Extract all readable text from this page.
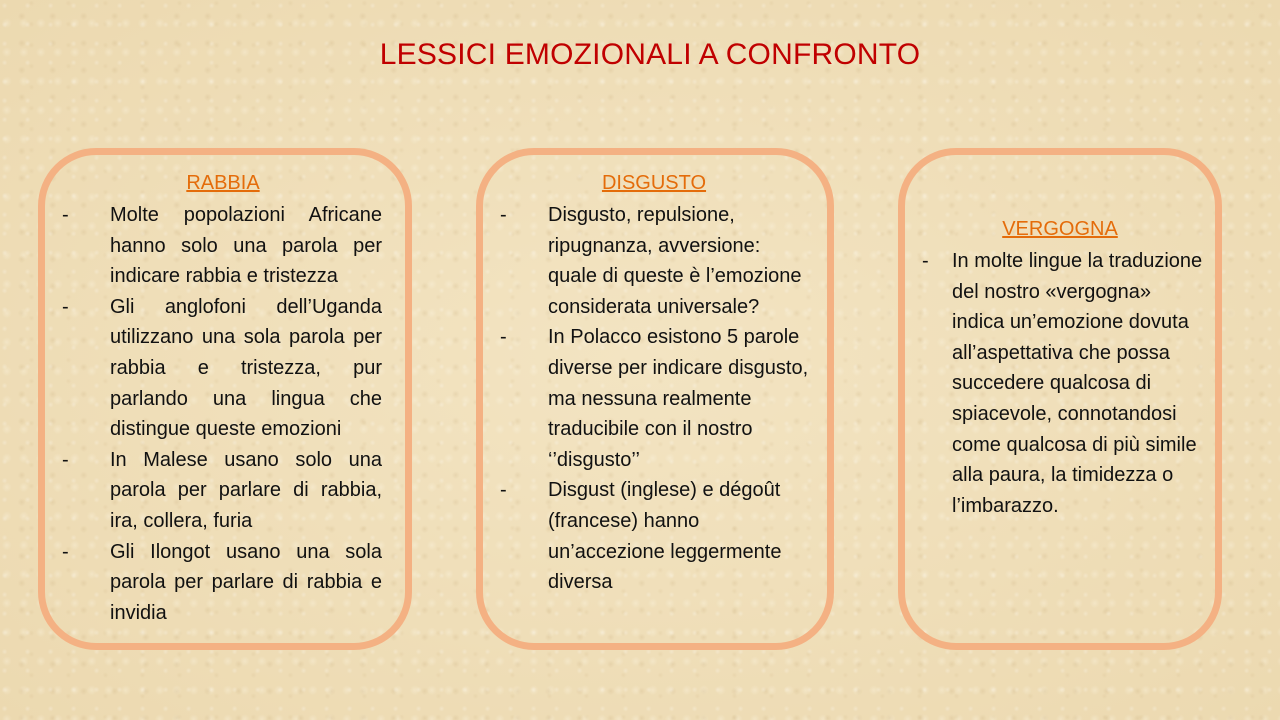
LESSICI EMOZIONALI A CONFRONTO
RABBIA
- Molte popolazioni Africane hanno solo una parola per indicare rabbia e tristezza
- Gli anglofoni dell’Uganda utilizzano una sola parola per rabbia e tristezza, pur parlando una lingua che distingue queste emozioni
- In Malese usano solo una parola per parlare di rabbia, ira, collera, furia
- Gli Ilongot usano una sola parola per parlare di rabbia e invidia
DISGUSTO
- Disgusto, repulsione, ripugnanza, avversione: quale di queste è l’emozione considerata universale?
- In Polacco esistono 5 parole diverse per indicare disgusto, ma nessuna realmente traducibile con il nostro ‘’disgusto’’
- Disgust (inglese) e dégoût (francese) hanno un’accezione leggermente diversa
VERGOGNA
- In molte lingue la traduzione del nostro «vergogna» indica un’emozione dovuta all’aspettativa che possa succedere qualcosa di spiacevole, connotandosi come qualcosa di più simile alla paura, la timidezza o l’imbarazzo.
